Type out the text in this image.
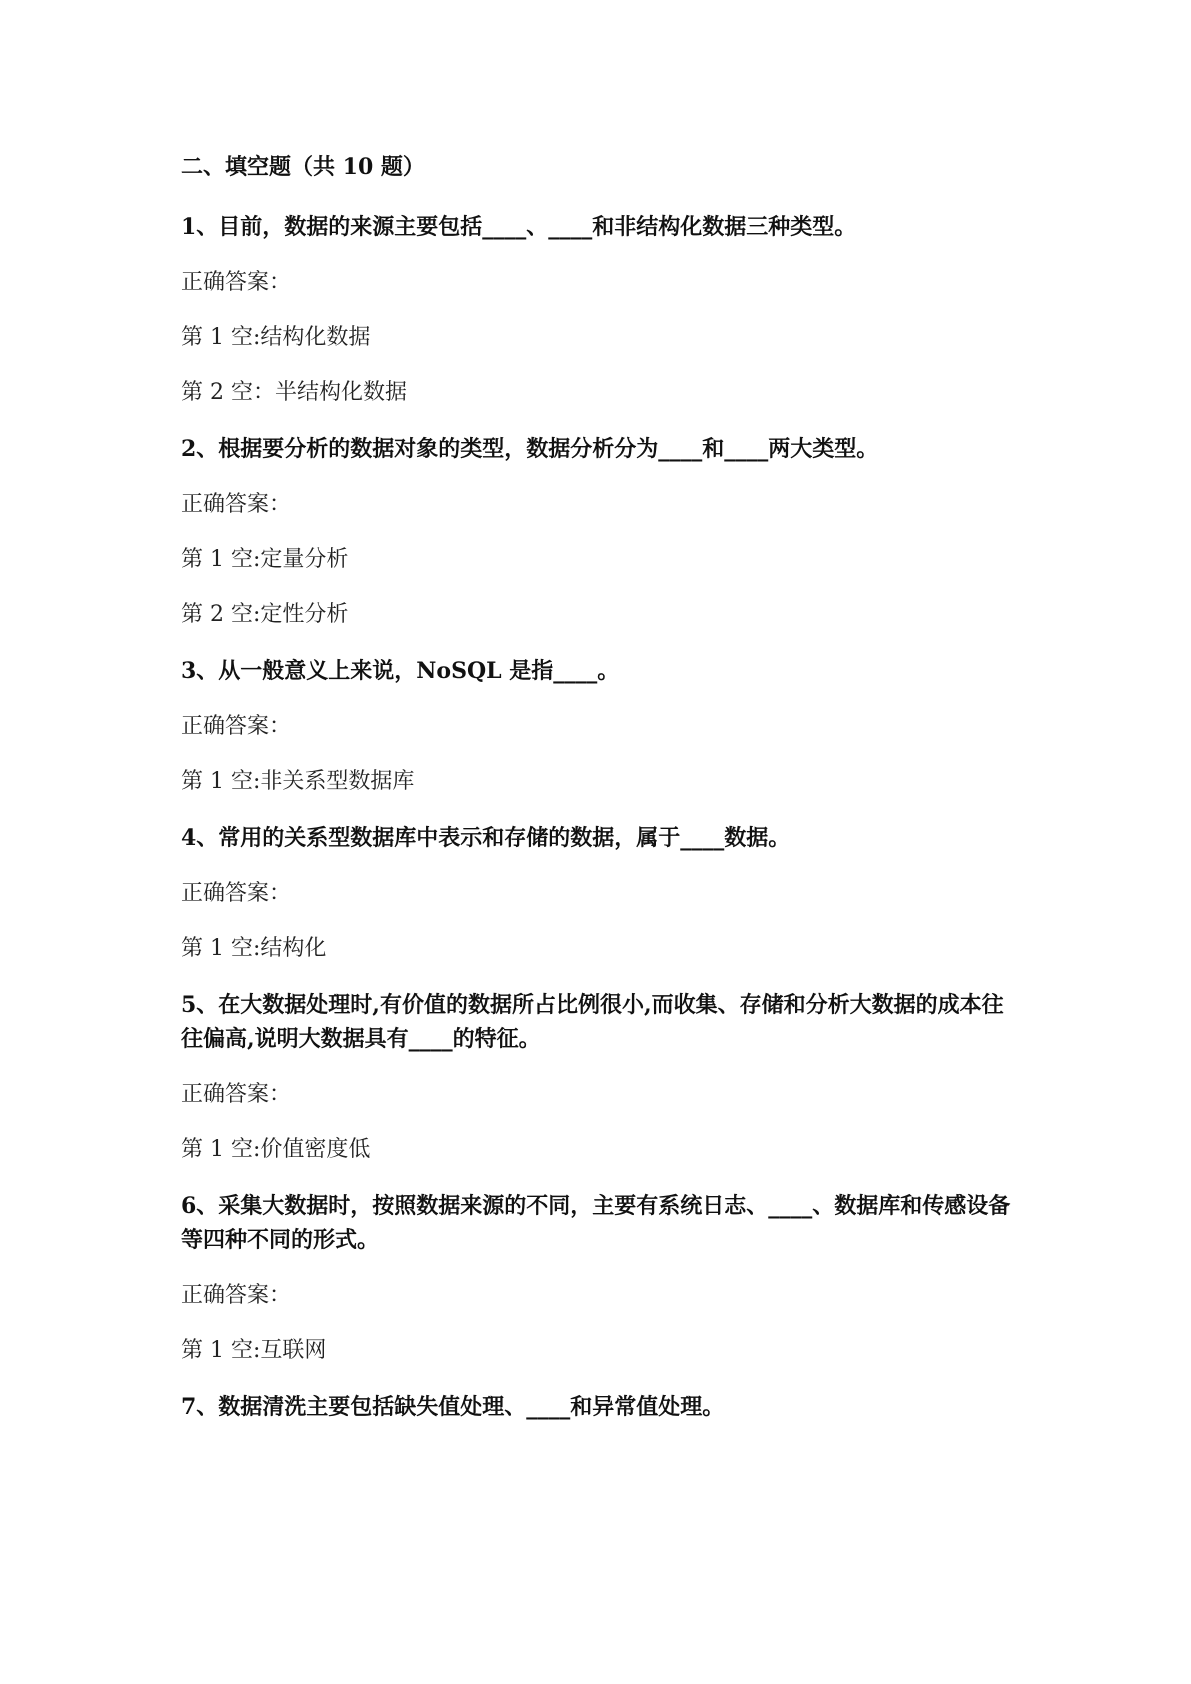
二、填空题（共 10 题）
1、目前，数据的来源主要包括____、____和非结构化数据三种类型。
正确答案：
第 1 空:结构化数据
第 2 空：半结构化数据
2、根据要分析的数据对象的类型，数据分析分为____和____两大类型。
正确答案：
第 1 空:定量分析
第 2 空:定性分析
3、从一般意义上来说，NoSQL 是指____。
正确答案：
第 1 空:非关系型数据库
4、常用的关系型数据库中表示和存储的数据，属于____数据。
正确答案：
第 1 空:结构化
5、在大数据处理时,有价值的数据所占比例很小,而收集、存储和分析大数据的成本往往偏高,说明大数据具有____的特征。
正确答案：
第 1 空:价值密度低
6、采集大数据时，按照数据来源的不同，主要有系统日志、____、数据库和传感设备等四种不同的形式。
正确答案：
第 1 空:互联网
7、数据清洗主要包括缺失值处理、____和异常值处理。
